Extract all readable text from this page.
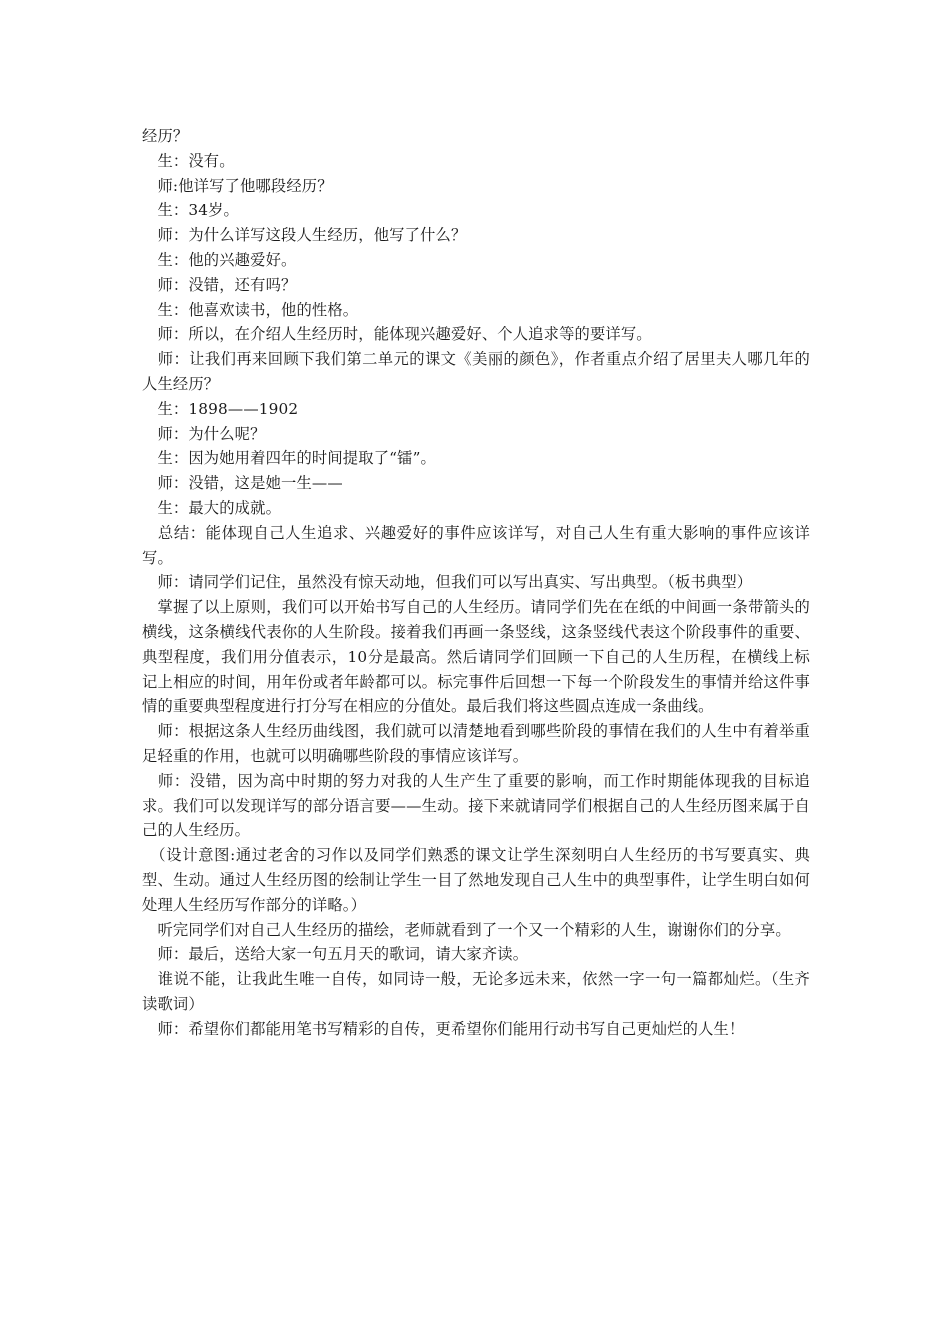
经历？

　生：没有。

　师:他详写了他哪段经历？

　生：34岁。

　师：为什么详写这段人生经历，他写了什么？

　生：他的兴趣爱好。

　师：没错，还有吗？

　生：他喜欢读书，他的性格。

　师：所以，在介绍人生经历时，能体现兴趣爱好、个人追求等的要详写。

　师：让我们再来回顾下我们第二单元的课文《美丽的颜色》，作者重点介绍了居里夫人哪几年的人生经历？

　生：1898——1902

　师：为什么呢？

　生：因为她用着四年的时间提取了“镭”。

　师：没错，这是她一生——

　生：最大的成就。

　总结：能体现自己人生追求、兴趣爱好的事件应该详写，对自己人生有重大影响的事件应该详写。

　师：请同学们记住，虽然没有惊天动地，但我们可以写出真实、写出典型。（板书典型）

　掌握了以上原则，我们可以开始书写自己的人生经历。请同学们先在在纸的中间画一条带箭头的横线，这条横线代表你的人生阶段。接着我们再画一条竖线，这条竖线代表这个阶段事件的重要、典型程度，我们用分值表示，10分是最高。然后请同学们回顾一下自己的人生历程，在横线上标记上相应的时间，用年份或者年龄都可以。标完事件后回想一下每一个阶段发生的事情并给这件事情的重要典型程度进行打分写在相应的分值处。最后我们将这些圆点连成一条曲线。

　师：根据这条人生经历曲线图，我们就可以清楚地看到哪些阶段的事情在我们的人生中有着举重足轻重的作用，也就可以明确哪些阶段的事情应该详写。

　师：没错，因为高中时期的努力对我的人生产生了重要的影响，而工作时期能体现我的目标追求。我们可以发现详写的部分语言要——生动。接下来就请同学们根据自己的人生经历图来属于自己的人生经历。

　（设计意图:通过老舍的习作以及同学们熟悉的课文让学生深刻明白人生经历的书写要真实、典型、生动。通过人生经历图的绘制让学生一目了然地发现自己人生中的典型事件，让学生明白如何处理人生经历写作部分的详略。）

　听完同学们对自己人生经历的描绘，老师就看到了一个又一个精彩的人生，谢谢你们的分享。

　师：最后，送给大家一句五月天的歌词，请大家齐读。

　谁说不能，让我此生唯一自传，如同诗一般，无论多远未来，依然一字一句一篇都灿烂。（生齐读歌词）

　师：希望你们都能用笔书写精彩的自传，更希望你们能用行动书写自己更灿烂的人生！
